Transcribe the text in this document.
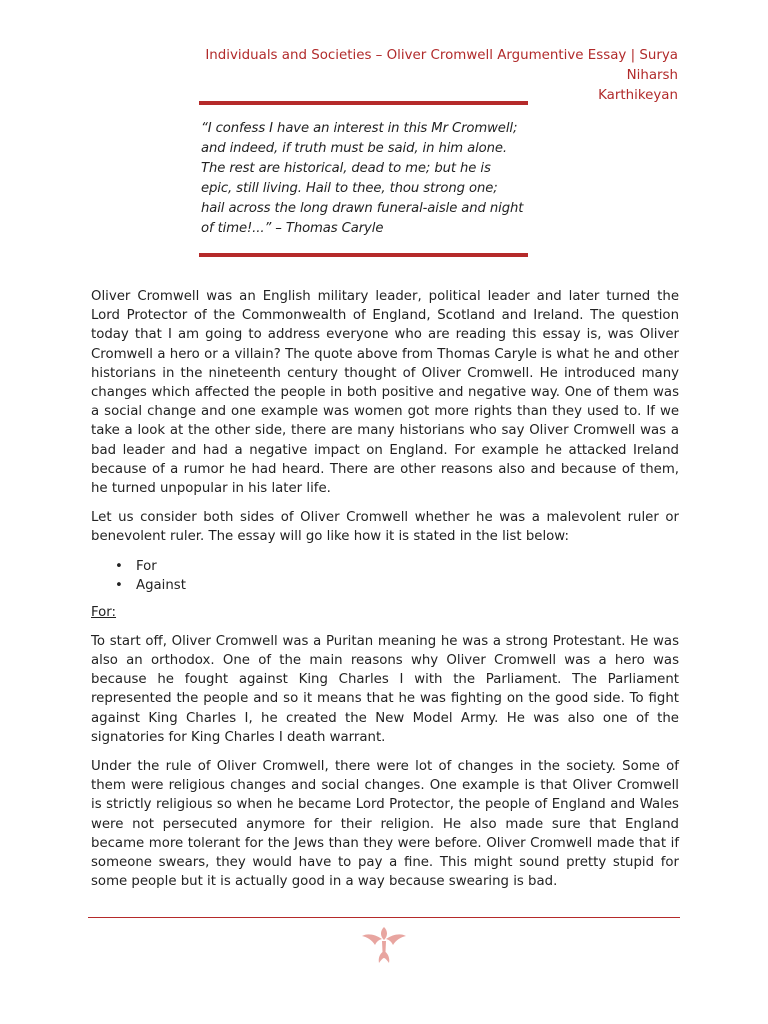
Individuals and Societies – Oliver Cromwell Argumentive Essay | Surya Niharsh
Karthikeyan
“I confess I have an interest in this Mr Cromwell; and indeed, if truth must be said, in him alone. The rest are historical, dead to me; but he is epic, still living. Hail to thee, thou strong one; hail across the long drawn funeral-aisle and night of time!...” – Thomas Caryle

Oliver Cromwell was an English military leader, political leader and later turned the Lord Protector of the Commonwealth of England, Scotland and Ireland. The question today that I am going to address everyone who are reading this essay is, was Oliver Cromwell a hero or a villain? The quote above from Thomas Caryle is what he and other historians in the nineteenth century thought of Oliver Cromwell. He introduced many changes which affected the people in both positive and negative way. One of them was a social change and one example was women got more rights than they used to. If we take a look at the other side, there are many historians who say Oliver Cromwell was a bad leader and had a negative impact on England. For example he attacked Ireland because of a rumor he had heard. There are other reasons also and because of them, he turned unpopular in his later life.

Let us consider both sides of Oliver Cromwell whether he was a malevolent ruler or benevolent ruler. The essay will go like how it is stated in the list below:

• For
• Against

For:

To start off, Oliver Cromwell was a Puritan meaning he was a strong Protestant. He was also an orthodox. One of the main reasons why Oliver Cromwell was a hero was because he fought against King Charles I with the Parliament. The Parliament represented the people and so it means that he was fighting on the good side. To fight against King Charles I, he created the New Model Army. He was also one of the signatories for King Charles I death warrant.

Under the rule of Oliver Cromwell, there were lot of changes in the society. Some of them were religious changes and social changes. One example is that Oliver Cromwell is strictly religious so when he became Lord Protector, the people of England and Wales were not persecuted anymore for their religion. He also made sure that England became more tolerant for the Jews than they were before. Oliver Cromwell made that if someone swears, they would have to pay a fine. This might sound pretty stupid for some people but it is actually good in a way because swearing is bad.
